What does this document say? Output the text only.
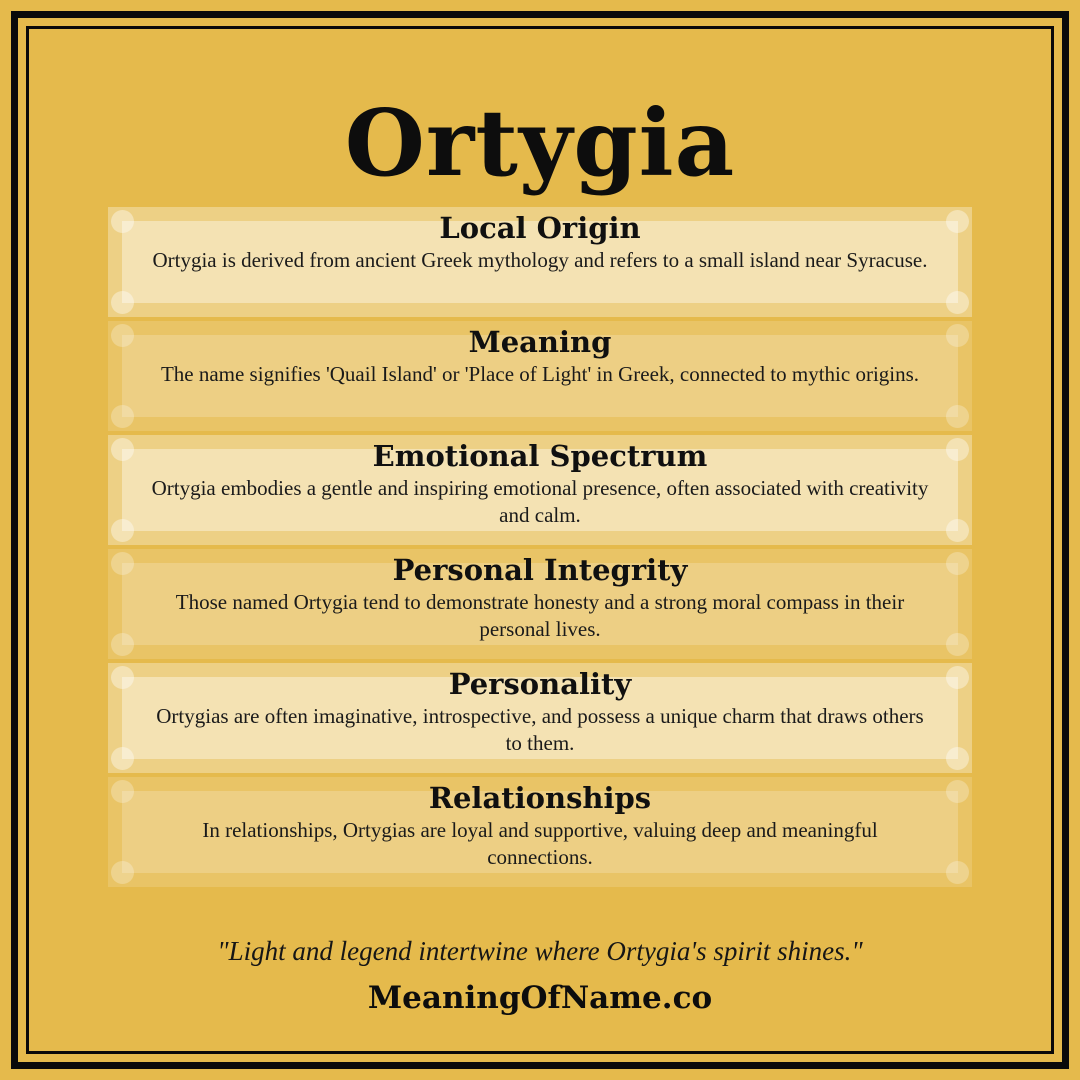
Ortygia
Local Origin

Ortygia is derived from ancient Greek mythology and refers to a small island near Syracuse.

Meaning

The name signifies 'Quail Island' or 'Place of Light' in Greek, connected to mythic origins.

Emotional Spectrum

Ortygia embodies a gentle and inspiring emotional presence, often associated with creativity and calm.

Personal Integrity

Those named Ortygia tend to demonstrate honesty and a strong moral compass in their personal lives.

Personality

Ortygias are often imaginative, introspective, and possess a unique charm that draws others to them.

Relationships

In relationships, Ortygias are loyal and supportive, valuing deep and meaningful connections.

"Light and legend intertwine where Ortygia's spirit shines."
MeaningOfName.co
